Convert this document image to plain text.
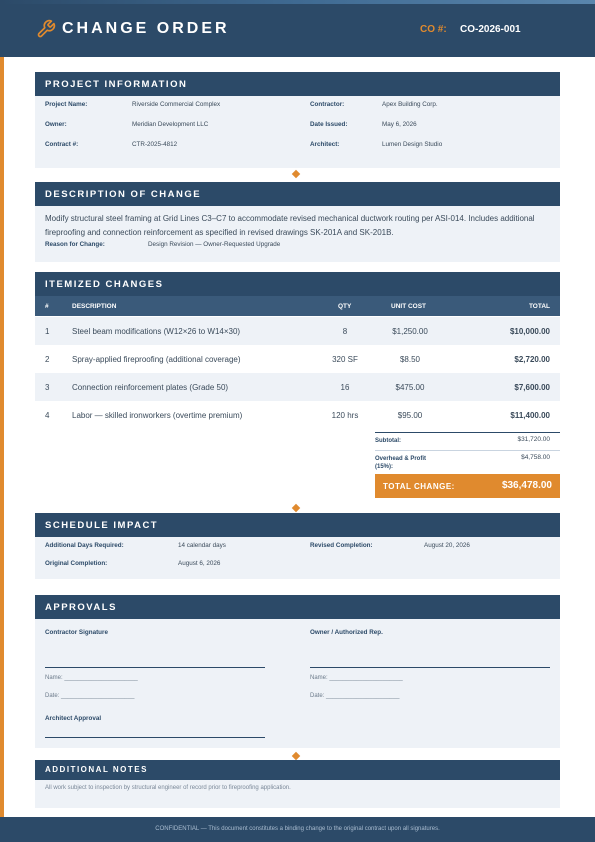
CHANGE ORDER	CO #: CO-2026-001
PROJECT INFORMATION
Project Name:	Riverside Commercial Complex
Owner:	Meridian Development LLC
Contract #:	CTR-2025-4812
Contractor:	Apex Building Corp.
Date Issued:	May 6, 2026
Architect:	Lumen Design Studio
DESCRIPTION OF CHANGE
Modify structural steel framing at Grid Lines C3–C7 to accommodate revised mechanical ductwork routing per ASI-014. Includes additional fireproofing and connection reinforcement as specified in revised drawings SK-201A and SK-201B.
Reason for Change:	Design Revision — Owner-Requested Upgrade
ITEMIZED CHANGES
#	DESCRIPTION	QTY	UNIT COST	TOTAL
1	Steel beam modifications (W12×26 to W14×30)	8	$1,250.00	$10,000.00
2	Spray-applied fireproofing (additional coverage)	320 SF	$8.50	$2,720.00
3	Connection reinforcement plates (Grade 50)	16	$475.00	$7,600.00
4	Labor — skilled ironworkers (overtime premium)	120 hrs	$95.00	$11,400.00
Subtotal:	$31,720.00
Overhead & Profit (15%):
$4,758.00
TOTAL CHANGE:	$36,478.00
SCHEDULE IMPACT
Additional Days Required:	14 calendar days
Original Completion:	August 6, 2026
Revised Completion:	August 20, 2026
APPROVALS
Contractor Signature
Name: ______________________
Date: ______________________
Owner / Authorized Rep.
Name: ______________________
Date: ______________________
Architect Approval
ADDITIONAL NOTES
All work subject to inspection by structural engineer of record prior to fireproofing application.
CONFIDENTIAL — This document constitutes a binding change to the original contract upon all signatures.
